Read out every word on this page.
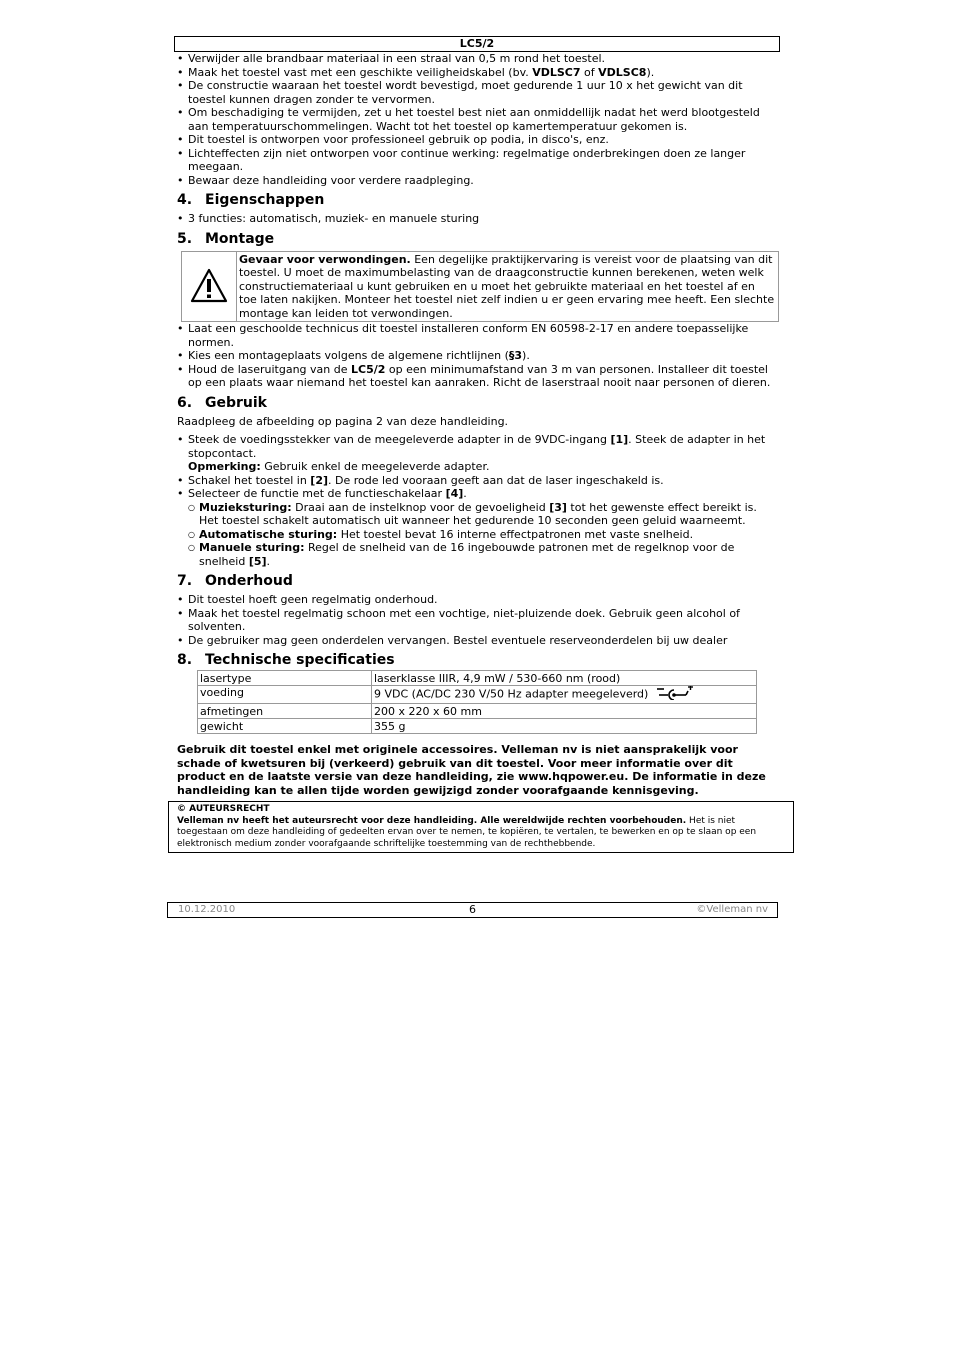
LC5/2
• Verwijder alle brandbaar materiaal in een straal van 0,5 m rond het toestel.
• Maak het toestel vast met een geschikte veiligheidskabel (bv. VDLSC7 of VDLSC8).
• De constructie waaraan het toestel wordt bevestigd, moet gedurende 1 uur 10 x het gewicht van dit toestel kunnen dragen zonder te vervormen.
• Om beschadiging te vermijden, zet u het toestel best niet aan onmiddellijk nadat het werd blootgesteld aan temperatuurschommelingen. Wacht tot het toestel op kamertemperatuur gekomen is.
• Dit toestel is ontworpen voor professioneel gebruik op podia, in disco's, enz.
• Lichteffecten zijn niet ontworpen voor continue werking: regelmatige onderbrekingen doen ze langer meegaan.
• Bewaar deze handleiding voor verdere raadpleging.
4. Eigenschappen
• 3 functies: automatisch, muziek- en manuele sturing
5. Montage
Gevaar voor verwondingen. Een degelijke praktijkervaring is vereist voor de plaatsing van dit toestel. U moet de maximumbelasting van de draagconstructie kunnen berekenen, weten welk constructiemateriaal u kunt gebruiken en u moet het gebruikte materiaal en het toestel af en toe laten nakijken. Monteer het toestel niet zelf indien u er geen ervaring mee heeft. Een slechte montage kan leiden tot verwondingen.
• Laat een geschoolde technicus dit toestel installeren conform EN 60598-2-17 en andere toepasselijke normen.
• Kies een montageplaats volgens de algemene richtlijnen (§3).
• Houd de laseruitgang van de LC5/2 op een minimumafstand van 3 m van personen. Installeer dit toestel op een plaats waar niemand het toestel kan aanraken. Richt de laserstraal nooit naar personen of dieren.
6. Gebruik

Raadpleeg de afbeelding op pagina 2 van deze handleiding.

• Steek de voedingsstekker van de meegeleverde adapter in de 9VDC-ingang [1]. Steek de adapter in het stopcontact.
Opmerking: Gebruik enkel de meegeleverde adapter.
• Schakel het toestel in [2]. De rode led vooraan geeft aan dat de laser ingeschakeld is.
• Selecteer de functie met de functieschakelaar [4].
○ Muzieksturing: Draai aan de instelknop voor de gevoeligheid [3] tot het gewenste effect bereikt is. Het toestel schakelt automatisch uit wanneer het gedurende 10 seconden geen geluid waarneemt.
○ Automatische sturing: Het toestel bevat 16 interne effectpatronen met vaste snelheid.
○ Manuele sturing: Regel de snelheid van de 16 ingebouwde patronen met de regelknop voor de snelheid [5].
7. Onderhoud
• Dit toestel hoeft geen regelmatig onderhoud.
• Maak het toestel regelmatig schoon met een vochtige, niet-pluizende doek. Gebruik geen alcohol of solventen.
• De gebruiker mag geen onderdelen vervangen. Bestel eventuele reserveonderdelen bij uw dealer
8. Technische specificaties
lasertype	laserklasse IIIR, 4,9 mW / 530-660 nm (rood)
voeding	9 VDC (AC/DC 230 V/50 Hz adapter meegeleverd)
afmetingen	200 x 220 x 60 mm
gewicht	355 g

Gebruik dit toestel enkel met originele accessoires. Velleman nv is niet aansprakelijk voor schade of kwetsuren bij (verkeerd) gebruik van dit toestel. Voor meer informatie over dit product en de laatste versie van deze handleiding, zie www.hqpower.eu. De informatie in deze handleiding kan te allen tijde worden gewijzigd zonder voorafgaande kennisgeving.

© AUTEURSRECHT
Velleman nv heeft het auteursrecht voor deze handleiding. Alle wereldwijde rechten voorbehouden. Het is niet toegestaan om deze handleiding of gedeelten ervan over te nemen, te kopiëren, te vertalen, te bewerken en op te slaan op een elektronisch medium zonder voorafgaande schriftelijke toestemming van de rechthebbende.
10.12.2010	6	©Velleman nv
